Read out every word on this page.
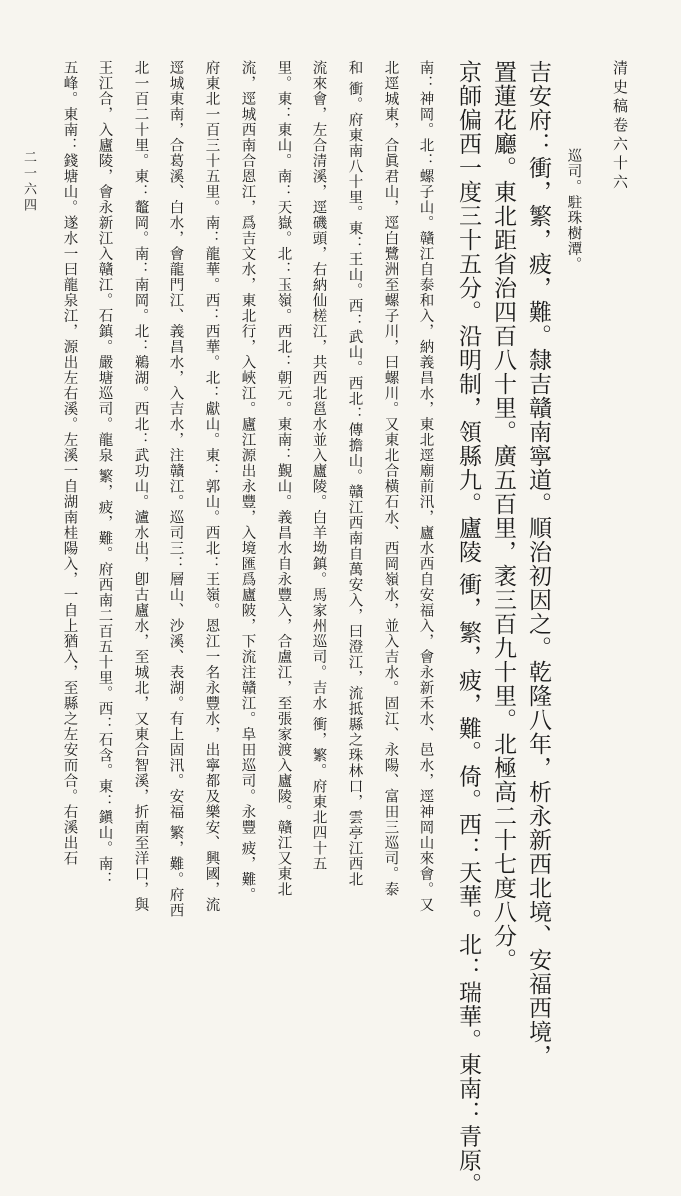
清史稿卷六十六
二一六四	巡司。駐珠樹潭。
吉安府：衝，繁，疲，難。隸吉贛南寧道。順治初因之。乾隆八年，析永新西北境、安福西境，
置蓮花廳。東北距省治四百八十里。廣五百里，袤三百九十里。北極高二十七度八分。
京師偏西一度三十五分。沿明制，領縣九。廬陵 衝，繁，疲，難。倚。西：天華。北：瑞華。東南：青原。
南：神岡。北：螺子山。贛江自泰和入，納義昌水，東北逕廟前汛，廬水西自安福入，會永新禾水、邑水，逕神岡山來會。又
北逕城東，合眞君山，逕白鷺洲至螺子川，曰螺川。又東北合橫石水、西岡嶺水，並入吉水。固江、永陽、富田三巡司。泰
和 衝。府東南八十里。東：王山。西：武山。西北：傳擔山。贛江西南自萬安入，曰澄江，流抵縣之珠林口，雲亭江西北
流來會，左合清溪，逕磯頭，右納仙槎江，共西北邕水並入廬陵。白羊坳鎮。馬家州巡司。吉水 衝，繁。府東北四十五
里。東：東山。南：天嶽。北：玉嶺。西北：朝元。東南：覲山。義昌水自永豐入，合盧江，至張家渡入廬陵。贛江又東北
流，逕城西南合恩江，爲吉文水，東北行，入峽江。廬江源出永豐，入境匯爲廬陂，下流注贛江。阜田巡司。永豐 疲，難。
府東北一百三十五里。南：龍華。西：西華。北：獻山。東：郭山。西北：王嶺。恩江一名永豐水，出寧都及樂安、興國，流
逕城東南，合葛溪、白水，會龍門江、義昌水，入吉水，注贛江。巡司三：層山、沙溪、表湖。有上固汛。安福 繁，難。府西
北一百二十里。東：鼇岡。南：南岡。北：鵜湖。西北：武功山。瀘水出，卽古廬水，至城北，又東合智溪，折南至洋口，與
王江合，入廬陵，會永新江入贛江。石鎮。嚴塘巡司。龍泉 繁，疲，難。府西南二百五十里。西：石含。東：鎭山。南：
五峰。東南：錢塘山。遂水一曰龍泉江，源出左右溪。左溪一自湖南桂陽入，一自上猶入，至縣之左安而合。右溪出石
